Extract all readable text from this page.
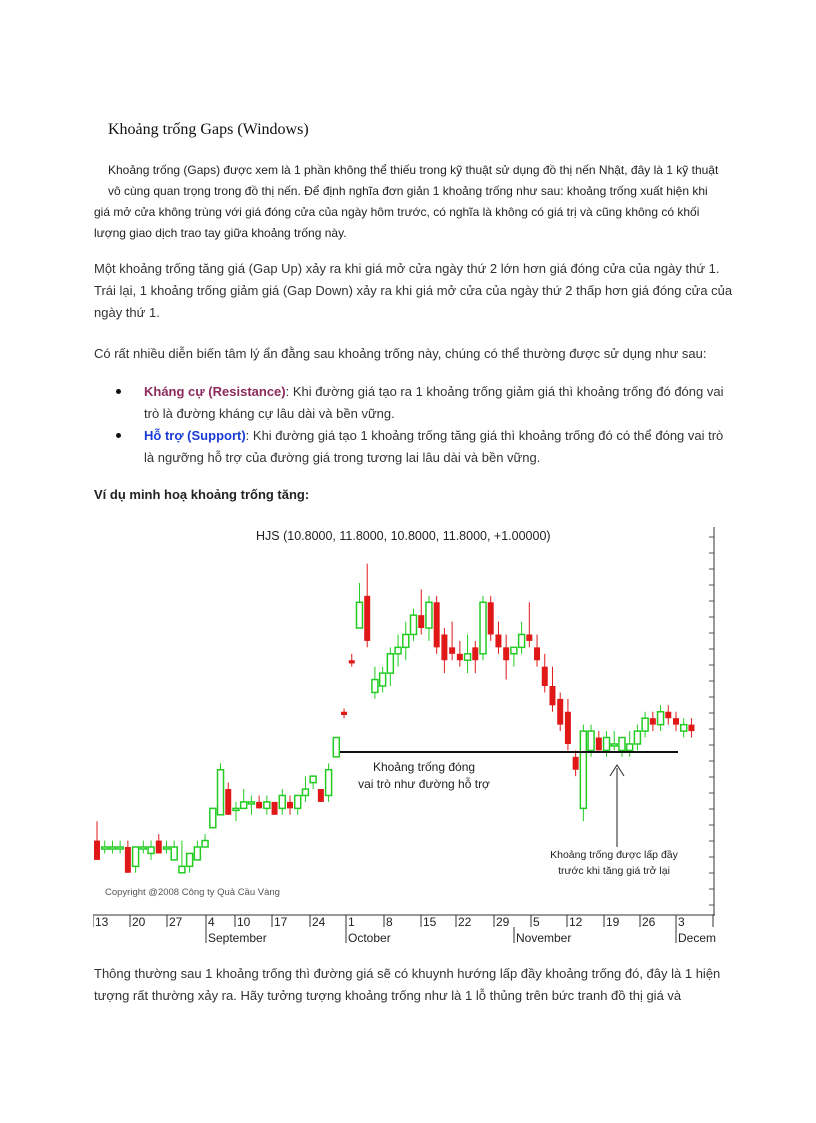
Khoảng trống Gaps (Windows)
Khoảng trống (Gaps) được xem là 1 phần không thể thiếu trong kỹ thuật sử dụng đồ thị nến Nhật, đây là 1 kỹ thuật
vô cùng quan trọng trong đồ thị nến. Để định nghĩa đơn giản 1 khoảng trống như sau: khoảng trống xuất hiện khi
giá mở cửa không trùng với giá đóng cửa của ngày hôm trước, có nghĩa là không có giá trị và cũng không có khối
lượng giao dịch trao tay giữa khoảng trống này.
Một khoảng trống tăng giá (Gap Up) xảy ra khi giá mở cửa ngày thứ 2 lớn hơn giá đóng cửa của ngày thứ 1. Trái lại, 1 khoảng trống giảm giá (Gap Down) xảy ra khi giá mở cửa của ngày thứ 2 thấp hơn giá đóng cửa của ngày thứ 1.
Có rất nhiều diễn biến tâm lý ẩn đằng sau khoảng trống này, chúng có thể thường được sử dụng như sau:
Kháng cự (Resistance): Khi đường giá tạo ra 1 khoảng trống giảm giá thì khoảng trống đó đóng vai trò là đường kháng cự lâu dài và bền vững.
Hỗ trợ (Support): Khi đường giá tạo 1 khoảng trống tăng giá thì khoảng trống đó có thể đóng vai trò là ngưỡng hỗ trợ của đường giá trong tương lai lâu dài và bền vững.
Ví dụ minh hoạ khoảng trống tăng:
HJS (10.8000, 11.8000, 10.8000, 11.8000, +1.00000)
Khoảng trống đóng
vai trò như đường hỗ trợ
Khoảng trống được lấp đầy
trước khi tăng giá trở lại
Copyright @2008 Công ty Quả Cầu Vàng
13 20 27 4 10 17 24 1	8	15 22 29 5 12 19 26 3
September	October	November	Decem
Thông thường sau 1 khoảng trống thì đường giá sẽ có khuynh hướng lấp đầy khoảng trống đó, đây là 1 hiện tượng rất thường xảy ra. Hãy tưởng tượng khoảng trống như là 1 lỗ thủng trên bức tranh đồ thị giá và
